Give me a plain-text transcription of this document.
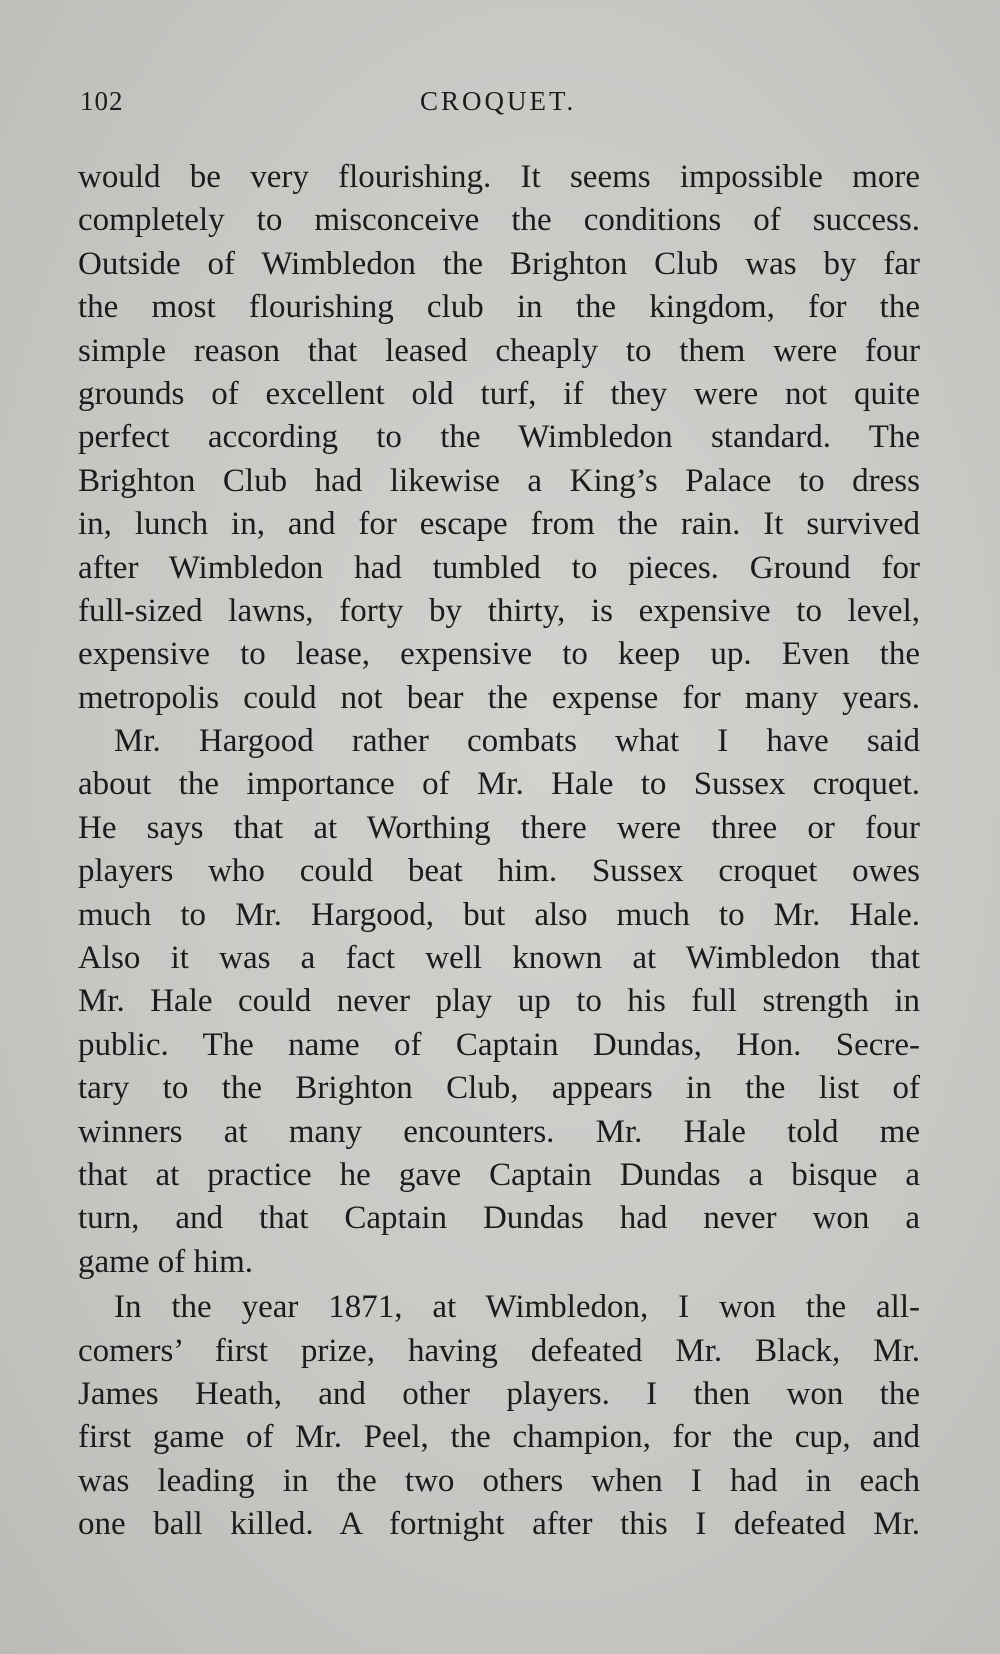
102	CROQUET.
would be very flourishing. It seems impossible more
completely to misconceive the conditions of success.
Outside of Wimbledon the Brighton Club was by far
the most flourishing club in the kingdom, for the
simple reason that leased cheaply to them were four
grounds of excellent old turf, if they were not quite
perfect according to the Wimbledon standard. The
Brighton Club had likewise a King’s Palace to dress
in, lunch in, and for escape from the rain. It survived
after Wimbledon had tumbled to pieces. Ground for
full-sized lawns, forty by thirty, is expensive to level,
expensive to lease, expensive to keep up. Even the
metropolis could not bear the expense for many years.
Mr. Hargood rather combats what I have said
about the importance of Mr. Hale to Sussex croquet.
He says that at Worthing there were three or four
players who could beat him. Sussex croquet owes
much to Mr. Hargood, but also much to Mr. Hale.
Also it was a fact well known at Wimbledon that
Mr. Hale could never play up to his full strength in
public. The name of Captain Dundas, Hon. Secre-
tary to the Brighton Club, appears in the list of
winners at many encounters. Mr. Hale told me
that at practice he gave Captain Dundas a bisque a
turn, and that Captain Dundas had never won a
game of him.
In the year 1871, at Wimbledon, I won the all-
comers’ first prize, having defeated Mr. Black, Mr.
James Heath, and other players. I then won the
first game of Mr. Peel, the champion, for the cup, and
was leading in the two others when I had in each
one ball killed. A fortnight after this I defeated Mr.
